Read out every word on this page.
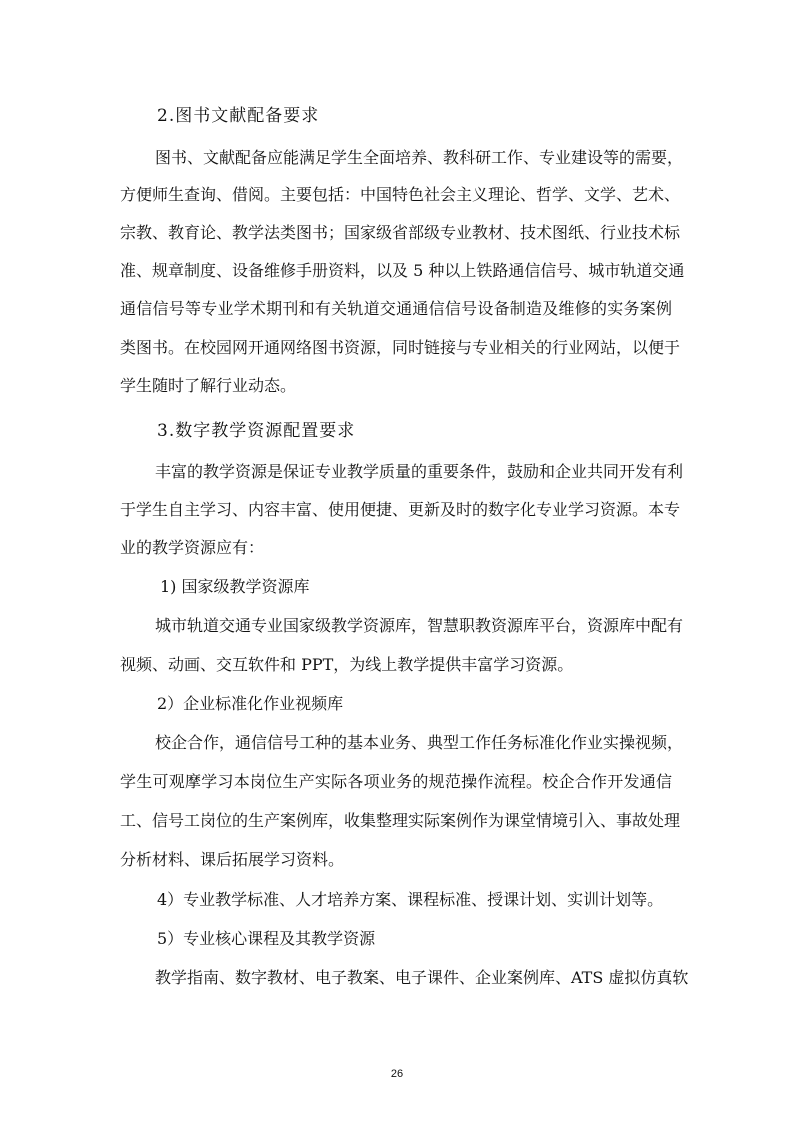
2.图书文献配备要求
图书、文献配备应能满足学生全面培养、教科研工作、专业建设等的需要，
方便师生查询、借阅。主要包括：中国特色社会主义理论、哲学、文学、艺术、
宗教、教育论、教学法类图书；国家级省部级专业教材、技术图纸、行业技术标
准、规章制度、设备维修手册资料，以及 5 种以上铁路通信信号、城市轨道交通
通信信号等专业学术期刊和有关轨道交通通信信号设备制造及维修的实务案例
类图书。在校园网开通网络图书资源，同时链接与专业相关的行业网站，以便于
学生随时了解行业动态。
3.数字教学资源配置要求
丰富的教学资源是保证专业教学质量的重要条件，鼓励和企业共同开发有利
于学生自主学习、内容丰富、使用便捷、更新及时的数字化专业学习资源。本专
业的教学资源应有：
1) 国家级教学资源库
城市轨道交通专业国家级教学资源库，智慧职教资源库平台，资源库中配有
视频、动画、交互软件和 PPT，为线上教学提供丰富学习资源。
2）企业标准化作业视频库
校企合作，通信信号工种的基本业务、典型工作任务标准化作业实操视频，
学生可观摩学习本岗位生产实际各项业务的规范操作流程。校企合作开发通信
工、信号工岗位的生产案例库，收集整理实际案例作为课堂情境引入、事故处理
分析材料、课后拓展学习资料。
4）专业教学标准、人才培养方案、课程标准、授课计划、实训计划等。
5）专业核心课程及其教学资源
教学指南、数字教材、电子教案、电子课件、企业案例库、ATS 虚拟仿真软
26
